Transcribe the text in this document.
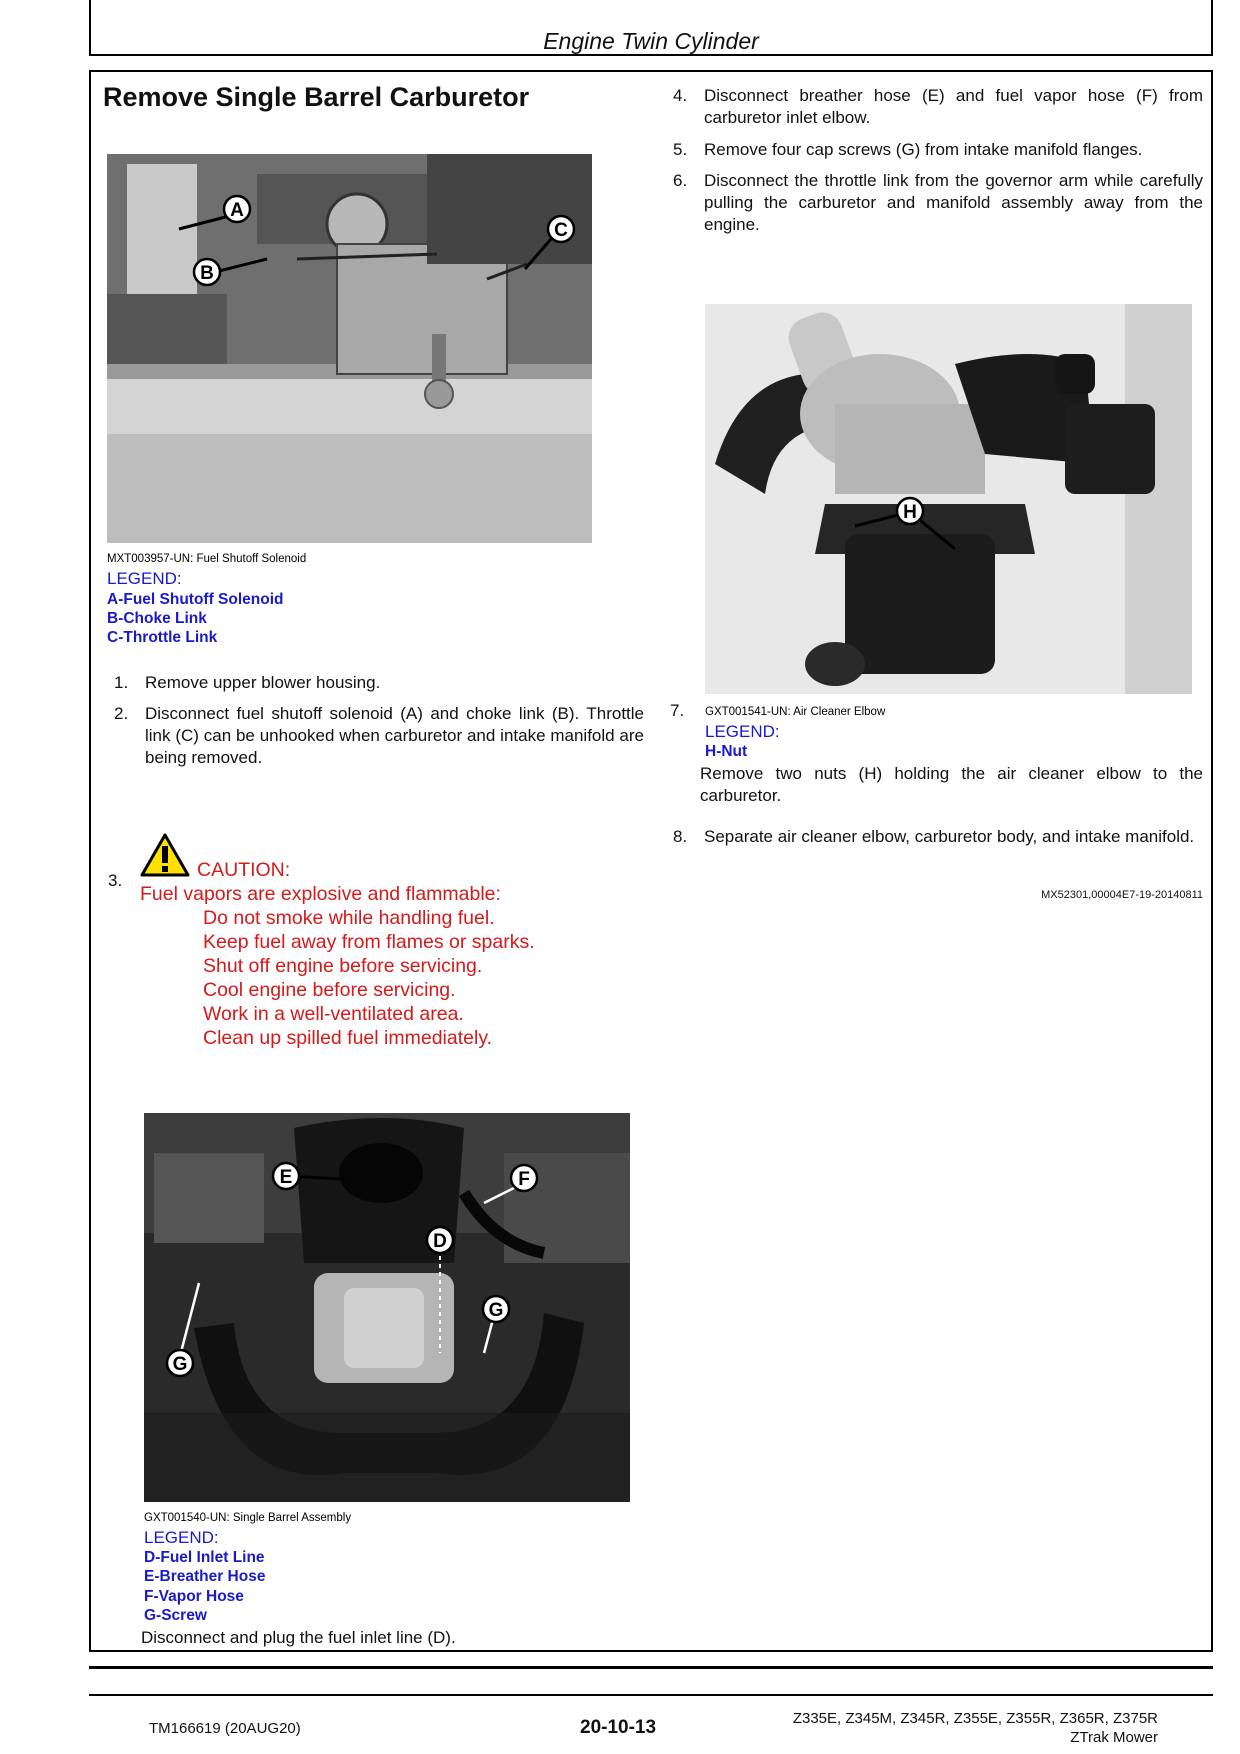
Engine Twin Cylinder
Remove Single Barrel Carburetor
A
B
C
MXT003957-UN: Fuel Shutoff Solenoid
LEGEND:
A-Fuel Shutoff Solenoid
B-Choke Link
C-Throttle Link
1. Remove upper blower housing.
2. Disconnect fuel shutoff solenoid (A) and choke link (B). Throttle link (C) can be unhooked when carburetor and intake manifold are being removed.
3.	CAUTION:
Fuel vapors are explosive and flammable:
Do not smoke while handling fuel.
Keep fuel away from flames or sparks.
Shut off engine before servicing.
Cool engine before servicing.
Work in a well-ventilated area.
Clean up spilled fuel immediately.
E	F
D
G
G
GXT001540-UN: Single Barrel Assembly
LEGEND:
D-Fuel Inlet Line
E-Breather Hose
F-Vapor Hose
G-Screw
Disconnect and plug the fuel inlet line (D).
4. Disconnect breather hose (E) and fuel vapor hose (F) from carburetor inlet elbow.
5. Remove four cap screws (G) from intake manifold flanges.
6. Disconnect the throttle link from the governor arm while carefully pulling the carburetor and manifold assembly away from the engine.
H
7. GXT001541-UN: Air Cleaner Elbow
LEGEND:
H-Nut
Remove two nuts (H) holding the air cleaner elbow to the carburetor.
8. Separate air cleaner elbow, carburetor body, and intake manifold.
MX52301,00004E7-19-20140811
TM166619 (20AUG20)	20-10-13	Z335E, Z345M, Z345R, Z355E, Z355R, Z365R, Z375R
ZTrak Mower
